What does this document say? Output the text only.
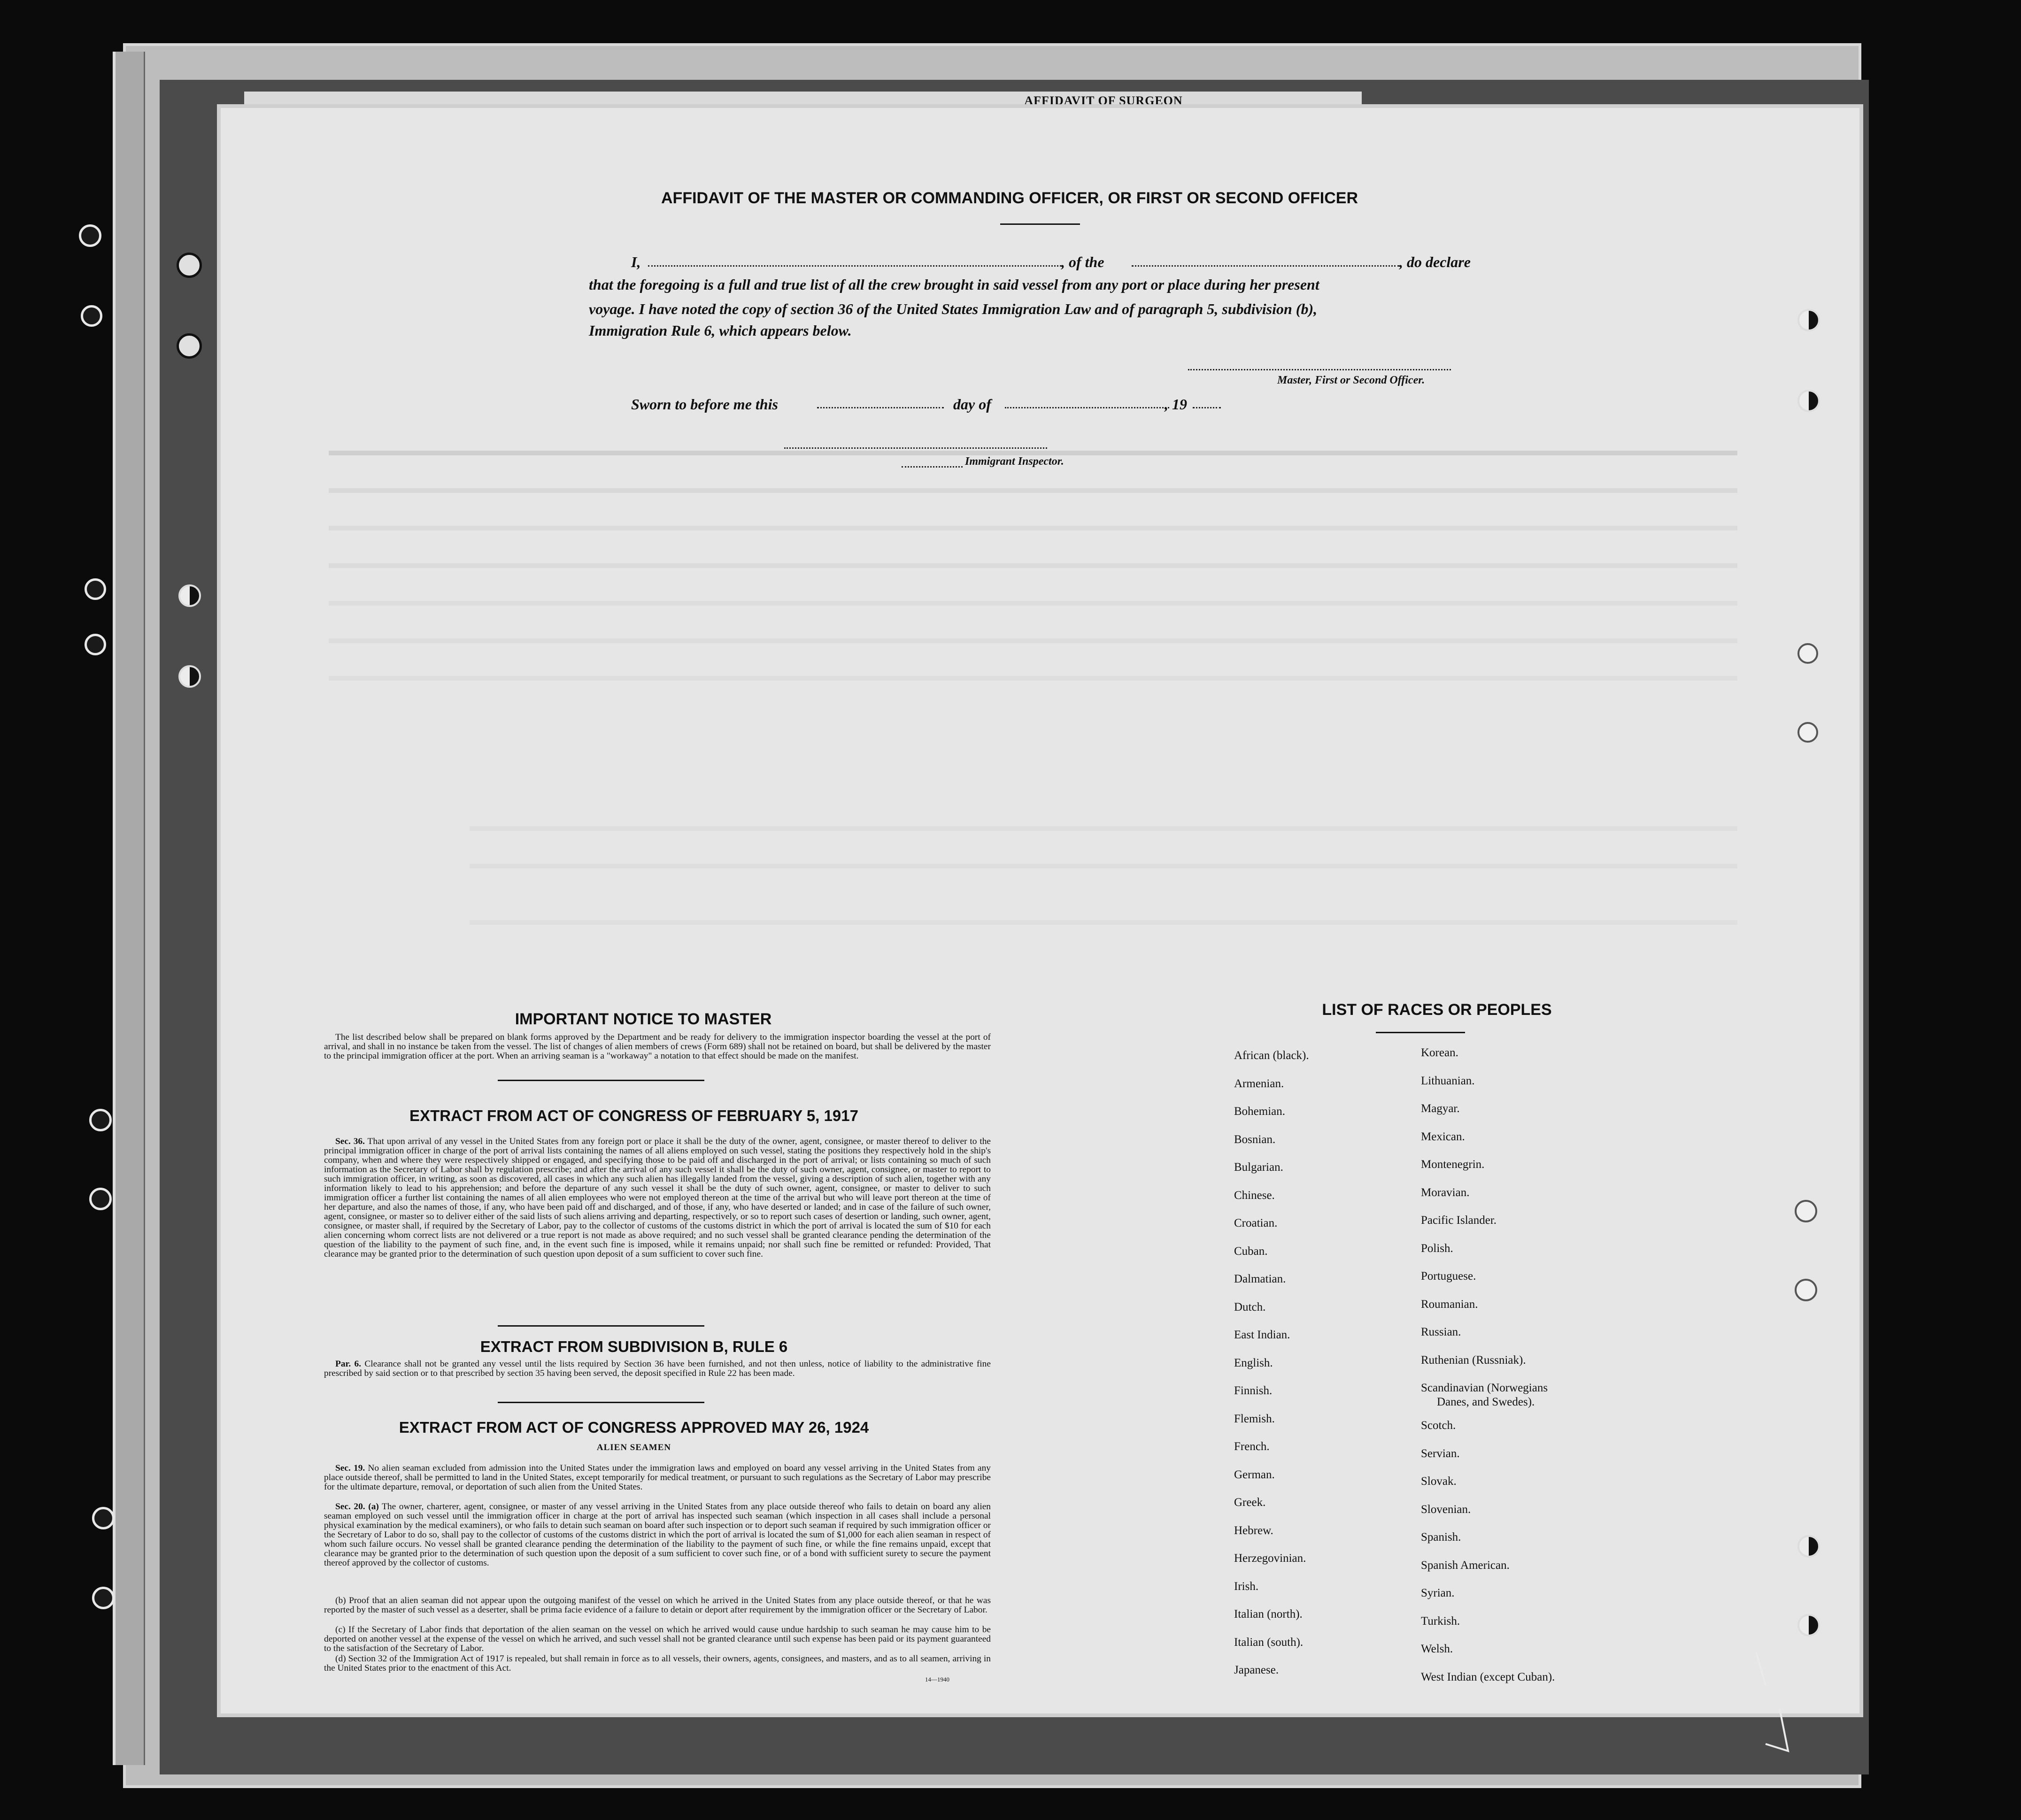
AFFIDAVIT OF SURGEON
AFFIDAVIT OF THE MASTER OR COMMANDING OFFICER, OR FIRST OR SECOND OFFICER
I,	, of the	, do declare
that the foregoing is a full and true list of all the crew brought in said vessel from any port or place during her present
voyage. I have noted the copy of section 36 of the United States Immigration Law and of paragraph 5, subdivision (b),
Immigration Rule 6, which appears below.
Master, First or Second Officer.
Sworn to before me this	day of	, 19
Immigrant Inspector.
IMPORTANT NOTICE TO MASTER
The list described below shall be prepared on blank forms approved by the Department and be ready for delivery to the immigration inspector boarding the vessel at the port of arrival, and shall in no instance be taken from the vessel. The list of changes of alien members of crews (Form 689) shall not be retained on board, but shall be delivered by the master to the principal immigration officer at the port. When an arriving seaman is a "workaway" a notation to that effect should be made on the manifest.
EXTRACT FROM ACT OF CONGRESS OF FEBRUARY 5, 1917
Sec. 36. That upon arrival of any vessel in the United States from any foreign port or place it shall be the duty of the owner, agent, consignee, or master thereof to deliver to the principal immigration officer in charge of the port of arrival lists containing the names of all aliens employed on such vessel, stating the positions they respectively hold in the ship's company, when and where they were respectively shipped or engaged, and specifying those to be paid off and discharged in the port of arrival; or lists containing so much of such information as the Secretary of Labor shall by regulation prescribe; and after the arrival of any such vessel it shall be the duty of such owner, agent, consignee, or master to report to such immigration officer, in writing, as soon as discovered, all cases in which any such alien has illegally landed from the vessel, giving a description of such alien, together with any information likely to lead to his apprehension; and before the departure of any such vessel it shall be the duty of such owner, agent, consignee, or master to deliver to such immigration officer a further list containing the names of all alien employees who were not employed thereon at the time of the arrival but who will leave port thereon at the time of her departure, and also the names of those, if any, who have been paid off and discharged, and of those, if any, who have deserted or landed; and in case of the failure of such owner, agent, consignee, or master so to deliver either of the said lists of such aliens arriving and departing, respectively, or so to report such cases of desertion or landing, such owner, agent, consignee, or master shall, if required by the Secretary of Labor, pay to the collector of customs of the customs district in which the port of arrival is located the sum of $10 for each alien concerning whom correct lists are not delivered or a true report is not made as above required; and no such vessel shall be granted clearance pending the determination of the question of the liability to the payment of such fine, and, in the event such fine is imposed, while it remains unpaid; nor shall such fine be remitted or refunded: Provided, That clearance may be granted prior to the determination of such question upon deposit of a sum sufficient to cover such fine.
EXTRACT FROM SUBDIVISION B, RULE 6
Par. 6. Clearance shall not be granted any vessel until the lists required by Section 36 have been furnished, and not then unless, notice of liability to the administrative fine prescribed by said section or to that prescribed by section 35 having been served, the deposit specified in Rule 22 has been made.
EXTRACT FROM ACT OF CONGRESS APPROVED MAY 26, 1924
ALIEN SEAMEN
Sec. 19. No alien seaman excluded from admission into the United States under the immigration laws and employed on board any vessel arriving in the United States from any place outside thereof, shall be permitted to land in the United States, except temporarily for medical treatment, or pursuant to such regulations as the Secretary of Labor may prescribe for the ultimate departure, removal, or deportation of such alien from the United States.
Sec. 20. (a) The owner, charterer, agent, consignee, or master of any vessel arriving in the United States from any place outside thereof who fails to detain on board any alien seaman employed on such vessel until the immigration officer in charge at the port of arrival has inspected such seaman (which inspection in all cases shall include a personal physical examination by the medical examiners), or who fails to detain such seaman on board after such inspection or to deport such seaman if required by such immigration officer or the Secretary of Labor to do so, shall pay to the collector of customs of the customs district in which the port of arrival is located the sum of $1,000 for each alien seaman in respect of whom such failure occurs. No vessel shall be granted clearance pending the determination of the liability to the payment of such fine, or while the fine remains unpaid, except that clearance may be granted prior to the determination of such question upon the deposit of a sum sufficient to cover such fine, or of a bond with sufficient surety to secure the payment thereof approved by the collector of customs.
(b) Proof that an alien seaman did not appear upon the outgoing manifest of the vessel on which he arrived in the United States from any place outside thereof, or that he was reported by the master of such vessel as a deserter, shall be prima facie evidence of a failure to detain or deport after requirement by the immigration officer or the Secretary of Labor.
(c) If the Secretary of Labor finds that deportation of the alien seaman on the vessel on which he arrived would cause undue hardship to such seaman he may cause him to be deported on another vessel at the expense of the vessel on which he arrived, and such vessel shall not be granted clearance until such expense has been paid or its payment guaranteed to the satisfaction of the Secretary of Labor.
(d) Section 32 of the Immigration Act of 1917 is repealed, but shall remain in force as to all vessels, their owners, agents, consignees, and masters, and as to all seamen, arriving in the United States prior to the enactment of this Act.
14—1940
LIST OF RACES OR PEOPLES
African (black).
Armenian.
Bohemian.
Bosnian.
Bulgarian.
Chinese.
Croatian.
Cuban.
Dalmatian.
Dutch.
East Indian.
English.
Finnish.
Flemish.
French.
German.
Greek.
Hebrew.
Herzegovinian.
Irish.
Italian (north).
Italian (south).
Japanese.
Korean.
Lithuanian.
Magyar.
Mexican.
Montenegrin.
Moravian.
Pacific Islander.
Polish.
Portuguese.
Roumanian.
Russian.
Ruthenian (Russniak).
Scandinavian (Norwegians
Danes, and Swedes).
Scotch.
Servian.
Slovak.
Slovenian.
Spanish.
Spanish American.
Syrian.
Turkish.
Welsh.
West Indian (except Cuban).
